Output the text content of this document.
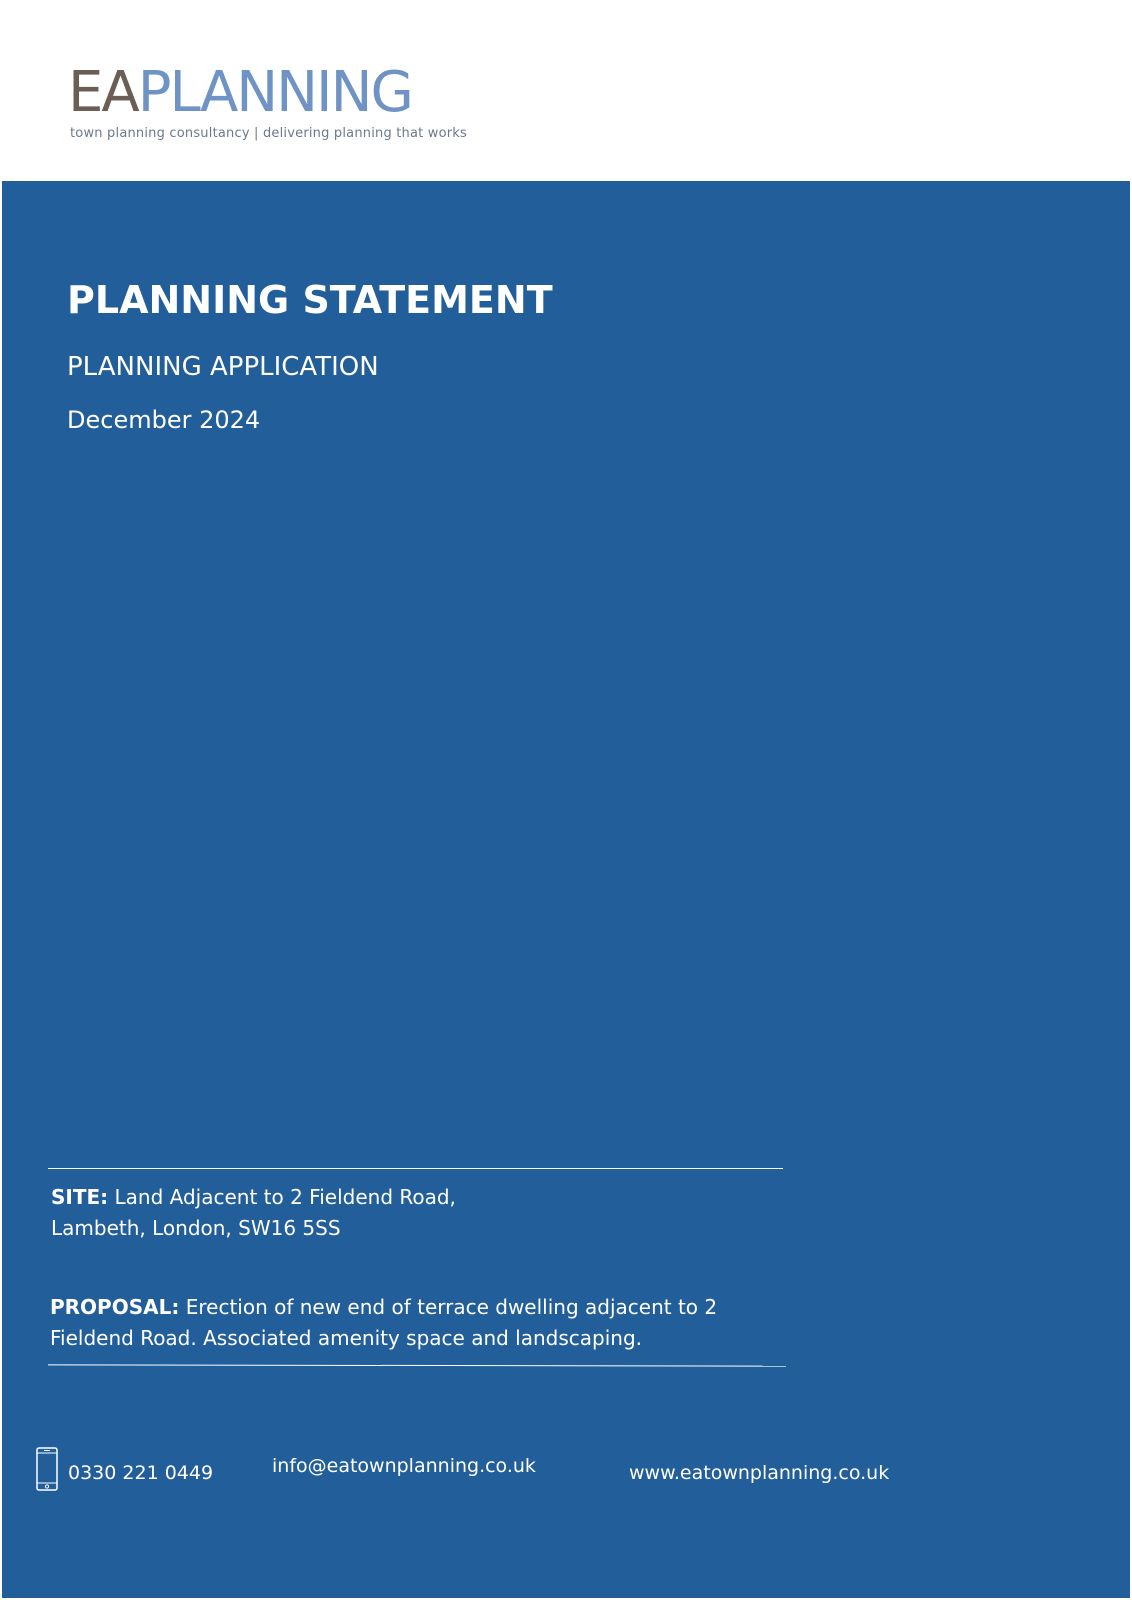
EAPLANNING
town planning consultancy | delivering planning that works
PLANNING STATEMENT
PLANNING APPLICATION
December 2024

SITE: Land Adjacent to 2 Fieldend Road,
Lambeth, London, SW16 5SS

PROPOSAL: Erection of new end of terrace dwelling adjacent to 2 Fieldend Road. Associated amenity space and landscaping.

0330 221 0449	info@eatownplanning.co.uk	www.eatownplanning.co.uk
